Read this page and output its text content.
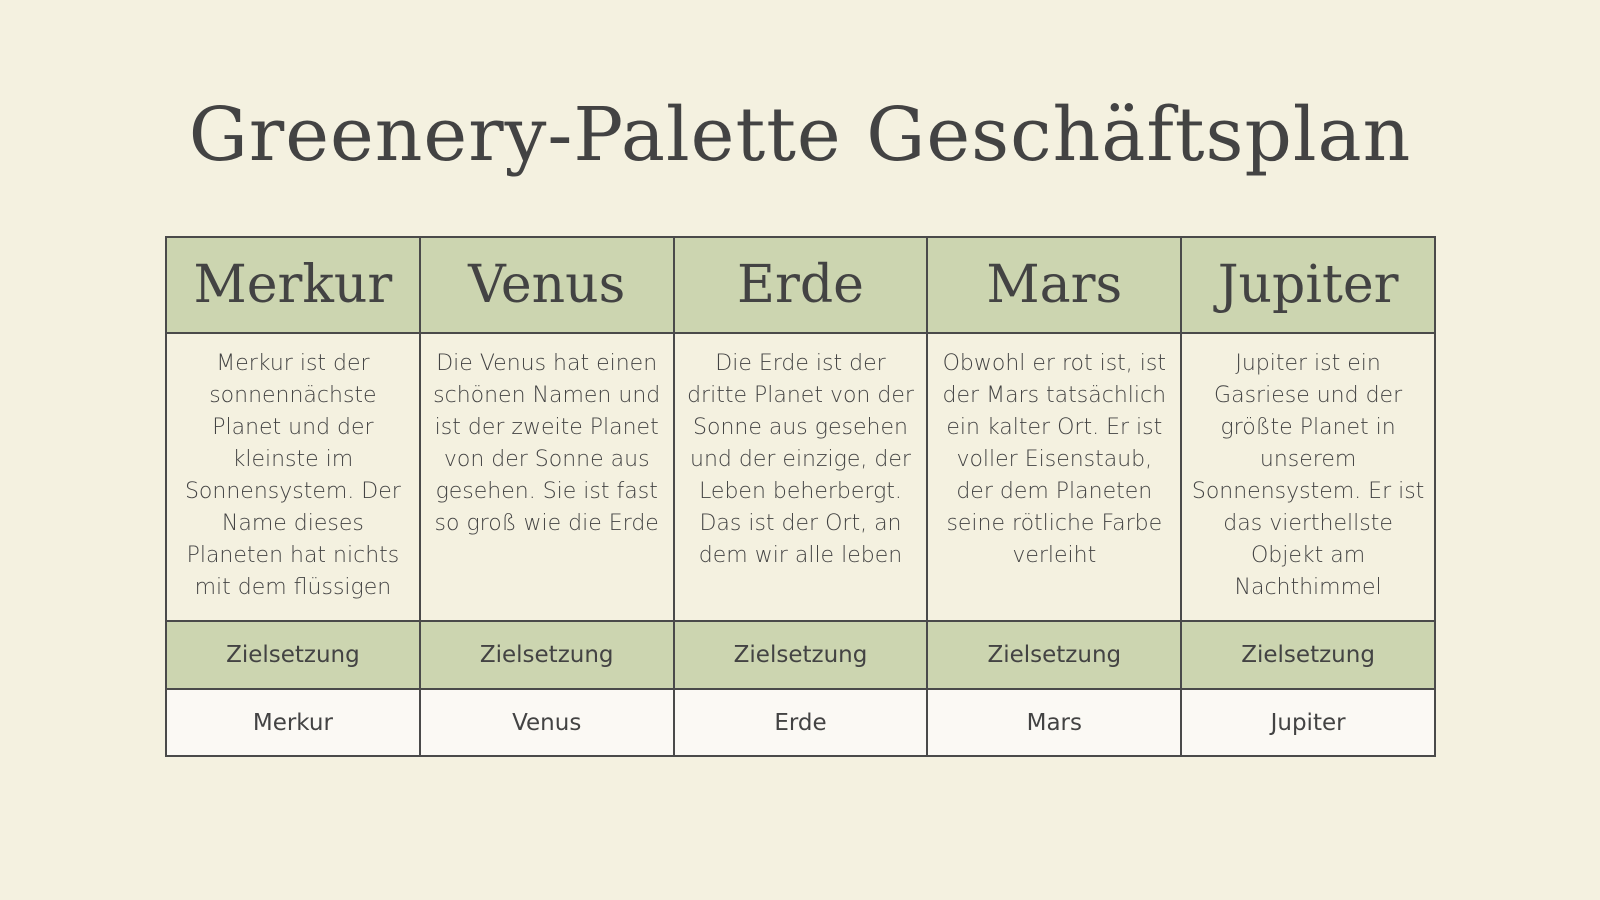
Greenery-Palette Geschäftsplan
Merkur	Venus	Erde	Mars	Jupiter

Merkur ist der sonnennächste Planet und der kleinste im Sonnensystem. Der Name dieses Planeten hat nichts mit dem flüssigen	Die Venus hat einen schönen Namen und ist der zweite Planet von der Sonne aus gesehen. Sie ist fast so groß wie die Erde	Die Erde ist der dritte Planet von der Sonne aus gesehen und der einzige, der Leben beherbergt. Das ist der Ort, an dem wir alle leben	Obwohl er rot ist, ist der Mars tatsächlich ein kalter Ort. Er ist voller Eisenstaub, der dem Planeten seine rötliche Farbe verleiht	Jupiter ist ein Gasriese und der größte Planet in unserem Sonnensystem. Er ist das vierthellste Objekt am Nachthimmel

Zielsetzung	Zielsetzung	Zielsetzung	Zielsetzung	Zielsetzung
Merkur	Venus	Erde	Mars	Jupiter
